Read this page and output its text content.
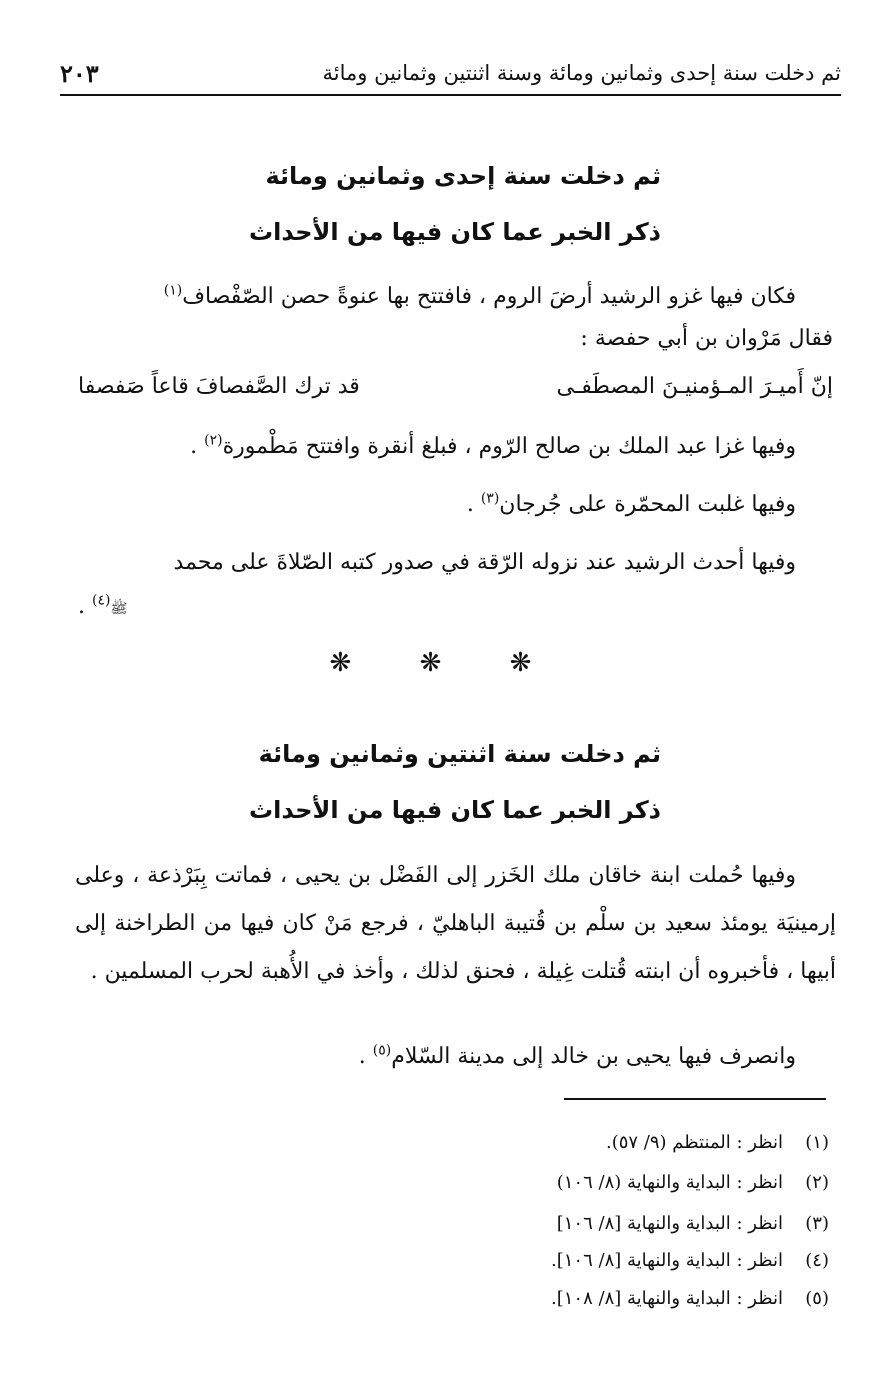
ثم دخلت سنة إحدى وثمانين ومائة وسنة اثنتين وثمانين ومائة
٢٠٣
ثم دخلت سنة إحدى وثمانين ومائة
ذكر الخبر عما كان فيها من الأحداث
فكان فيها غزو الرشيد أرضَ الروم ، فافتتح بها عنوةً حصن الصّفْصاف$^{(١)}$
فقال مَرْوان بن أبي حفصة :
إنّ أَميـرَ المـؤمنيـنَ المصطَفـى
قد ترك الصَّفصافَ قاعاً صَفصفا
وفيها غزا عبد الملك بن صالح الرّوم ، فبلغ أنقرة وافتتح مَطْمورة$^{(٢)}$ .
وفيها غلبت المحمّرة على جُرجان$^{(٣)}$ .
وفيها أحدث الرشيد عند نزوله الرّقة في صدور كتبه الصّلاةَ على محمد
ﷺ$^{(٤)}$ .
❋ ❋ ❋
ثم دخلت سنة اثنتين وثمانين ومائة
ذكر الخبر عما كان فيها من الأحداث
وفيها حُملت ابنة خاقان ملك الخَزر إلى الفَضْل بن يحيى ، فماتت بِبَرْذعة ، وعلى إرمينيَة يومئذ سعيد بن سلْم بن قُتيبة الباهليّ ، فرجع مَنْ كان فيها من الطراخنة إلى أبيها ، فأخبروه أن ابنته قُتلت غِيلة ، فحنق لذلك ، وأخذ في الأُهبة لحرب المسلمين .
وانصرف فيها يحيى بن خالد إلى مدينة السّلام$^{(٥)}$ .
(١)انظر : المنتظم (٩/ ٥٧).
(٢)انظر : البداية والنهاية (٨/ ١٠٦)
(٣)انظر : البداية والنهاية [٨/ ١٠٦]
(٤)انظر : البداية والنهاية [٨/ ١٠٦].
(٥)انظر : البداية والنهاية [٨/ ١٠٨].
